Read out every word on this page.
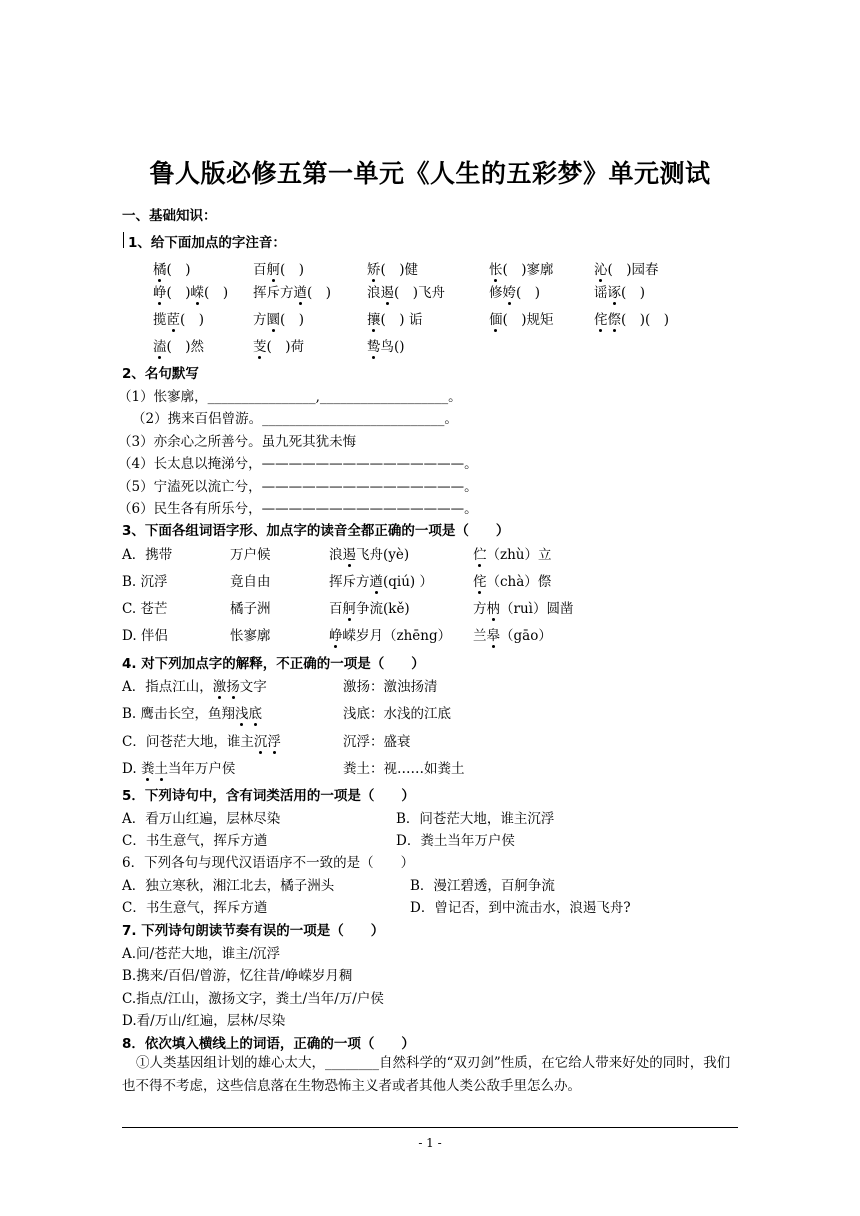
鲁人版必修五第一单元《人生的五彩梦》单元测试
一、基础知识：
1、给下面加点的字注音：
橘(　)	百舸(　)	矫(　)健	怅(　)寥廓	沁(　)园春
峥(　)嵘(　) 挥斥方遒(　)	浪遏(　)飞舟	修姱(　)	谣诼(　)
揽茝(　)	方圜(　)	攘(　) 诟	偭(　)规矩	侘傺(　)(　)
溘(　)然	芰(　)荷	鸷鸟()
2、名句默写
（1）怅寥廓，________________,___________________。
（2）携来百侣曾游。___________________________。
（3）亦余心之所善兮。虽九死其犹未悔
（4）长太息以掩涕兮，———————————————。
（5）宁溘死以流亡兮，———————————————。
（6）民生各有所乐兮，———————————————。
3、下面各组词语字形、加点字的读音全都正确的一项是（　　）
A．携带	万户候	浪遏飞舟(yè)	伫（zhù）立
B. 沉浮	竟自由	挥斥方遒(qiú) ）	侘（chà）傺
C. 苍芒	橘子洲	百舸争流(kě)	方枘（ruì）圆凿
D. 伴侣	怅寥廓	峥嵘岁月（zhēng） 兰皋（gāo）
4. 对下列加点字的解释，不正确的一项是（　　）
A．指点江山，激扬文字	激扬：激浊扬清
B. 鹰击长空，鱼翔浅底	浅底：水浅的江底
C．问苍茫大地，谁主沉浮	沉浮：盛衰
D. 粪土当年万户侯	粪土：视……如粪土
5．下列诗句中，含有词类活用的一项是（　　）
A．看万山红遍，层林尽染	B．问苍茫大地，谁主沉浮
C．书生意气，挥斥方遒	D．粪土当年万户侯
6．下列各句与现代汉语语序不一致的是（　　）
A．独立寒秋，湘江北去，橘子洲头	B．漫江碧透，百舸争流
C．书生意气，挥斥方遒	D．曾记否，到中流击水，浪遏飞舟?
7. 下列诗句朗读节奏有误的一项是（　　）
A.问/苍茫大地，谁主/沉浮
B.携来/百侣/曾游，忆往昔/峥嵘岁月稠
C.指点/江山，激扬文字，粪土/当年/万/户侯
D.看/万山/红遍，层林/尽染
8．依次填入横线上的词语，正确的一项（　　）
①人类基因组计划的雄心太大，________自然科学的“双刃剑”性质，在它给人带来好处的同时，我们也不得不考虑，这些信息落在生物恐怖主义者或者其他人类公敌手里怎么办。
- 1 -
